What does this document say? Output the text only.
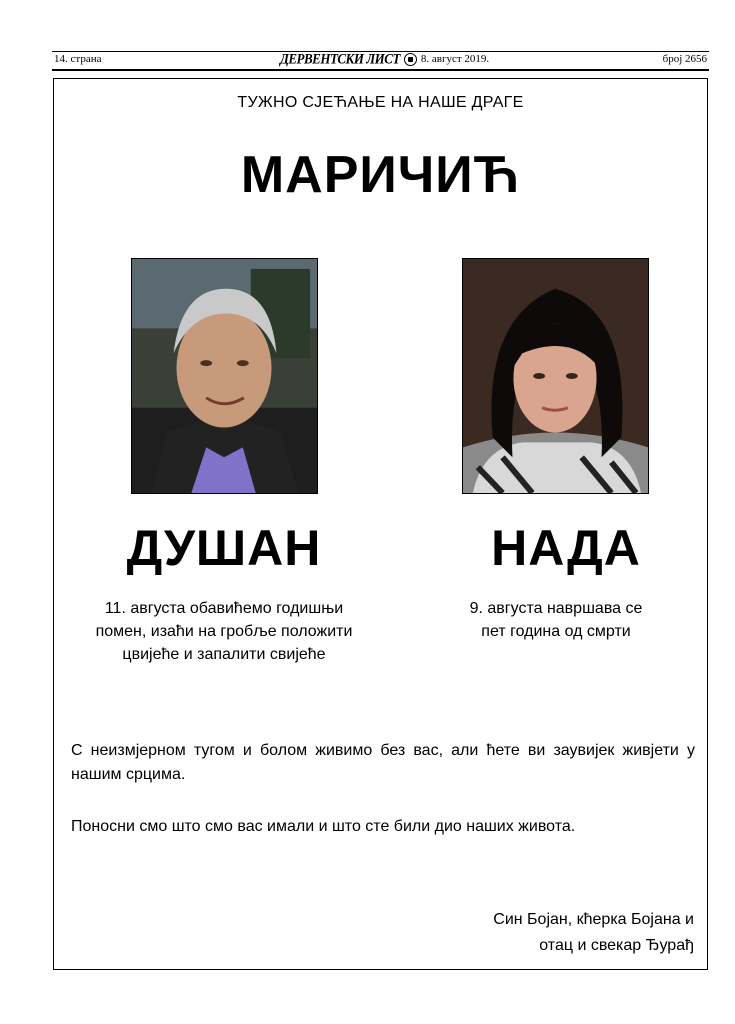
14. страна	ДЕРВЕНТСКИ ЛИСТ 8. август 2019.	број 2656
ТУЖНО СЈЕЋАЊЕ НА НАШЕ ДРАГЕ
МАРИЧИЋ
ДУШАН	НАДА
11. августа обавићемо годишњи
помен, изаћи на гробље положити
цвијеће и запалити свијеће
9. августа навршава се
пет година од смрти
С неизмјерном тугом и болом живимо без вас, али ћете ви заувијек живјети у нашим срцима.
Поносни смо што смо вас имали и што сте били дио наших живота.
Син Бојан, кћерка Бојана и
отац и свекар Ђурађ
